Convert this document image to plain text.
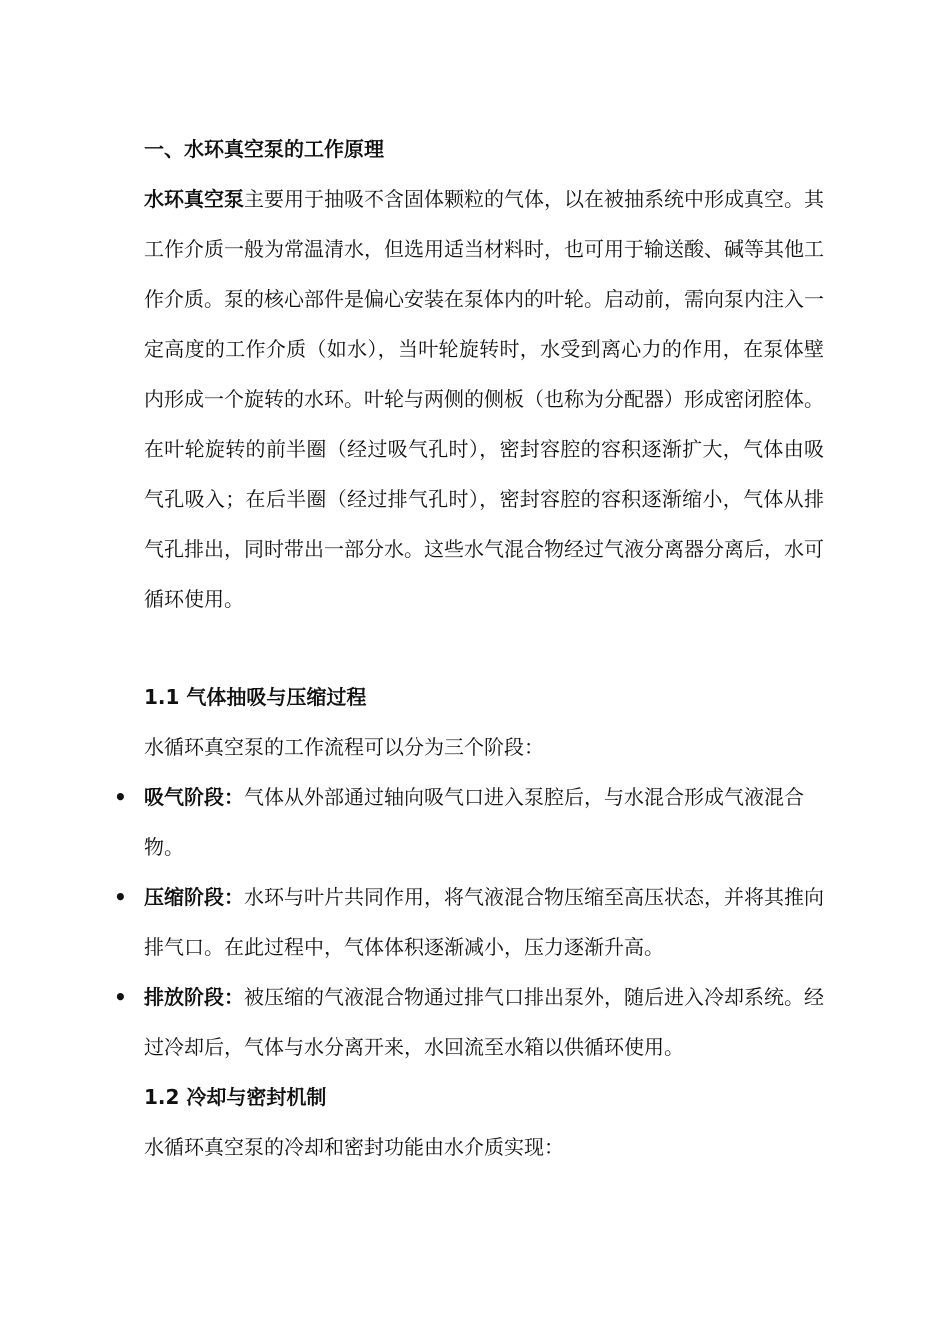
一、水环真空泵的工作原理

水环真空泵主要用于抽吸不含固体颗粒的气体，以在被抽系统中形成真空。其工作介质一般为常温清水，但选用适当材料时，也可用于输送酸、碱等其他工作介质。泵的核心部件是偏心安装在泵体内的叶轮。启动前，需向泵内注入一定高度的工作介质（如水），当叶轮旋转时，水受到离心力的作用，在泵体壁内形成一个旋转的水环。叶轮与两侧的侧板（也称为分配器）形成密闭腔体。在叶轮旋转的前半圈（经过吸气孔时），密封容腔的容积逐渐扩大，气体由吸气孔吸入；在后半圈（经过排气孔时），密封容腔的容积逐渐缩小，气体从排气孔排出，同时带出一部分水。这些水气混合物经过气液分离器分离后，水可循环使用。

1.1 气体抽吸与压缩过程

水循环真空泵的工作流程可以分为三个阶段：

• 吸气阶段：气体从外部通过轴向吸气口进入泵腔后，与水混合形成气液混合物。
• 压缩阶段：水环与叶片共同作用，将气液混合物压缩至高压状态，并将其推向排气口。在此过程中，气体体积逐渐减小，压力逐渐升高。
• 排放阶段：被压缩的气液混合物通过排气口排出泵外，随后进入冷却系统。经过冷却后，气体与水分离开来，水回流至水箱以供循环使用。
1.2 冷却与密封机制

水循环真空泵的冷却和密封功能由水介质实现：
